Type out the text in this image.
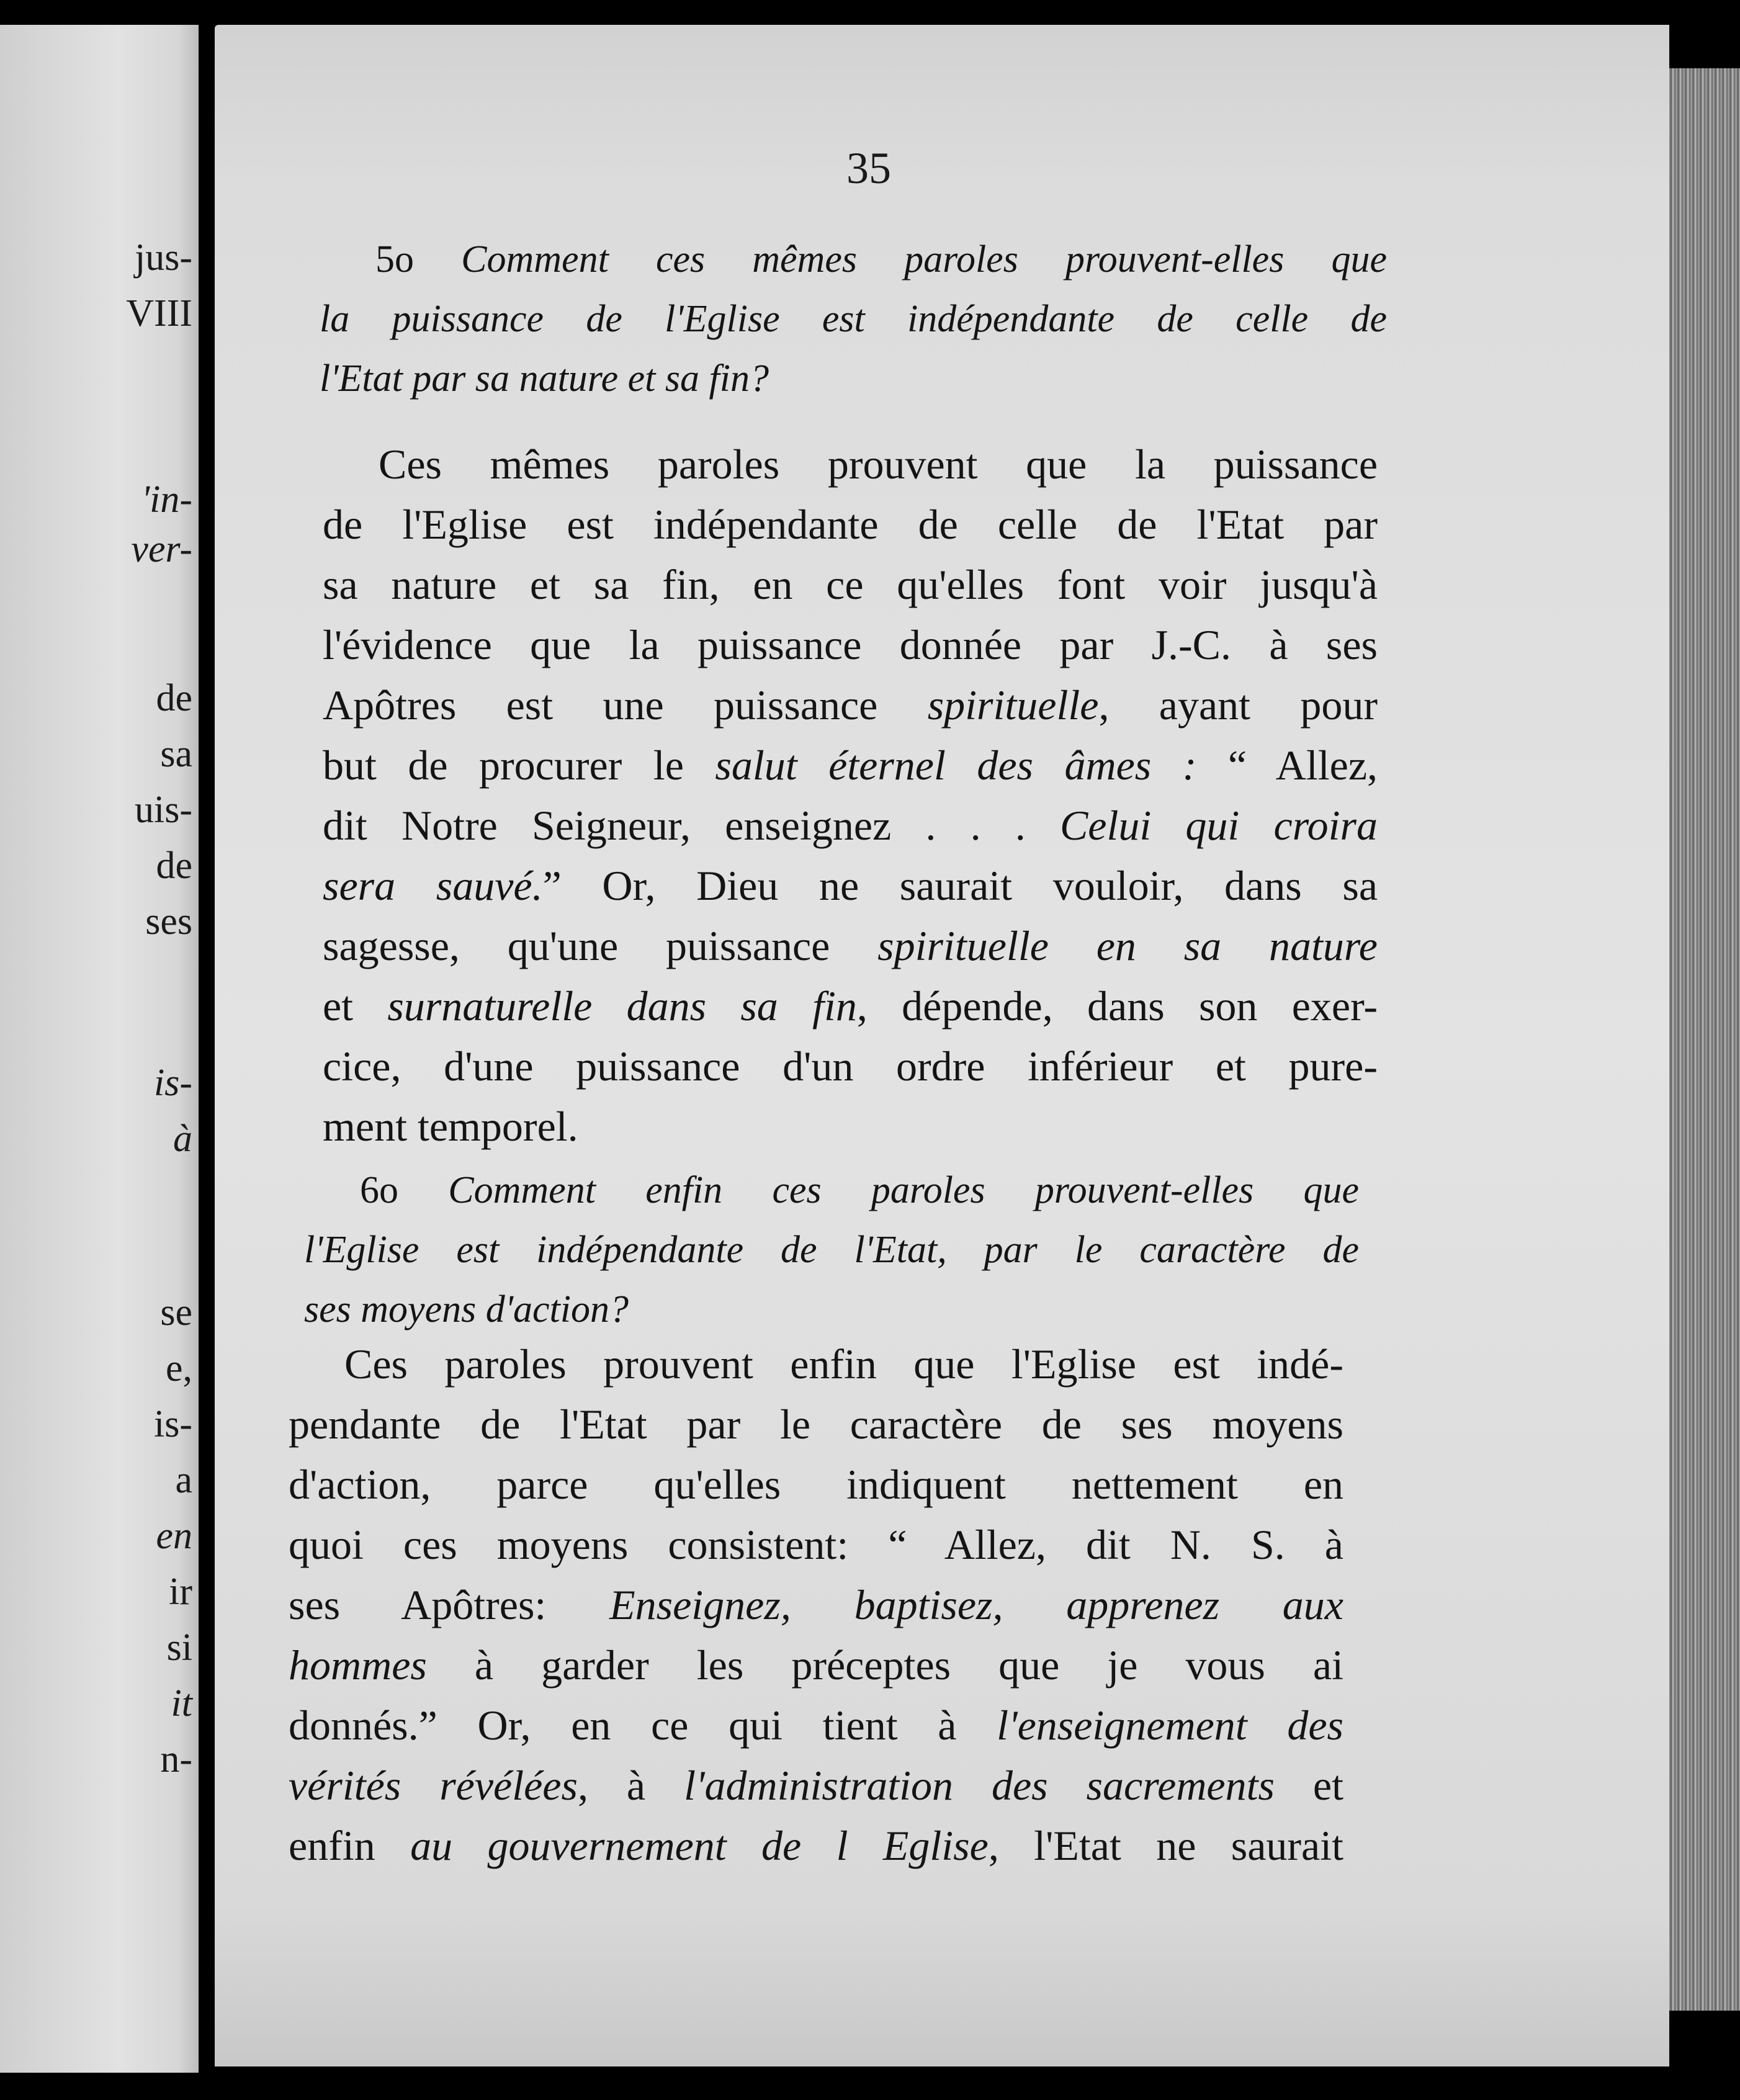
jus-
VIII
'in-
ver-
de
sa
uis-
de
ses
is-
à
se
e,
is-
a
en
ir
si
it
n-
35
5o Comment ces mêmes paroles prouvent-elles que
la puissance de l'Eglise est indépendante de celle de
l'Etat par sa nature et sa fin?
Ces mêmes paroles prouvent que la puissance
de l'Eglise est indépendante de celle de l'Etat par
sa nature et sa fin, en ce qu'elles font voir jusqu'à
l'évidence que la puissance donnée par J.-C. à ses
Apôtres est une puissance spirituelle, ayant pour
but de procurer le salut éternel des âmes : “ Allez,
dit Notre Seigneur, enseignez . . . Celui qui croira
sera sauvé.” Or, Dieu ne saurait vouloir, dans sa
sagesse, qu'une puissance spirituelle en sa nature
et surnaturelle dans sa fin, dépende, dans son exer-
cice, d'une puissance d'un ordre inférieur et pure-
ment temporel.
6o Comment enfin ces paroles prouvent-elles que
l'Eglise est indépendante de l'Etat, par le caractère de
ses moyens d'action?
Ces paroles prouvent enfin que l'Eglise est indé-
pendante de l'Etat par le caractère de ses moyens
d'action, parce qu'elles indiquent nettement en
quoi ces moyens consistent: “ Allez, dit N. S. à
ses Apôtres: Enseignez, baptisez, apprenez aux
hommes à garder les préceptes que je vous ai
donnés.” Or, en ce qui tient à l'enseignement des
vérités révélées, à l'administration des sacrements et
enfin au gouvernement de l Eglise, l'Etat ne saurait
